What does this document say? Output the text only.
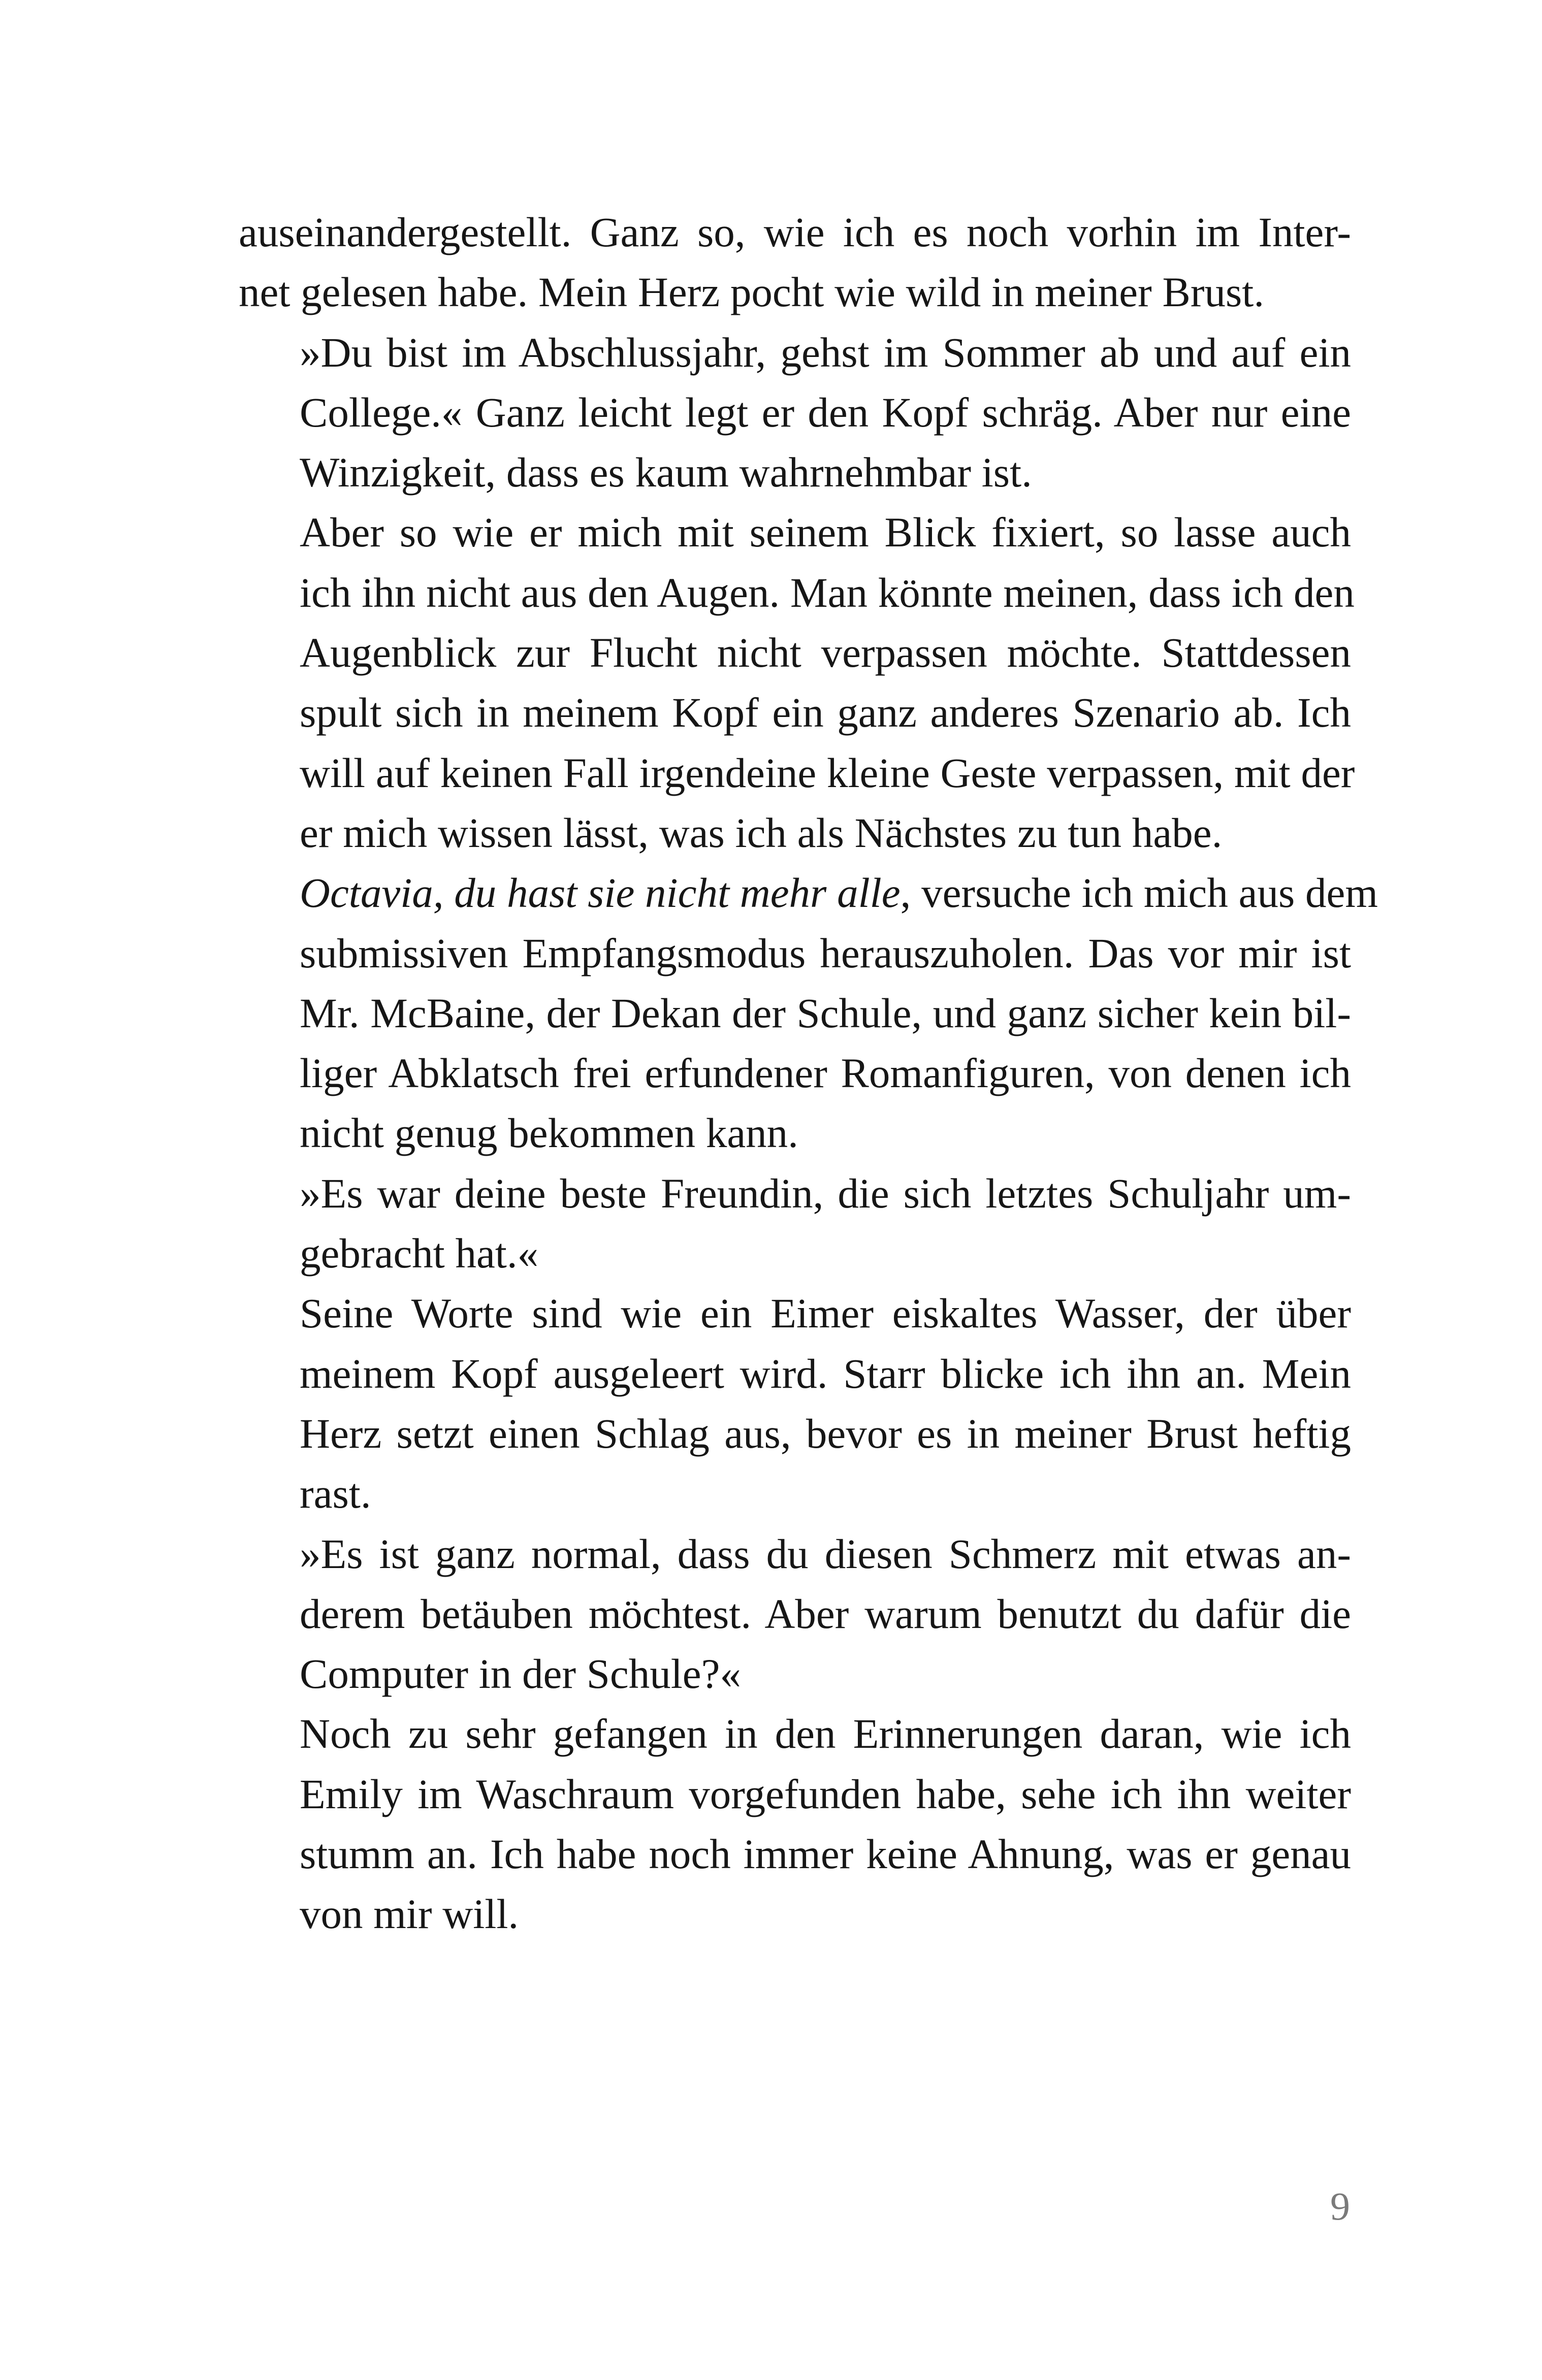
auseinandergestellt. Ganz so, wie ich es noch vorhin im Inter-
net gelesen habe. Mein Herz pocht wie wild in meiner Brust.

»Du bist im Abschlussjahr, gehst im Sommer ab und auf ein
College.« Ganz leicht legt er den Kopf schräg. Aber nur eine
Winzigkeit, dass es kaum wahrnehmbar ist.

Aber so wie er mich mit seinem Blick fixiert, so lasse auch
ich ihn nicht aus den Augen. Man könnte meinen, dass ich den
Augenblick zur Flucht nicht verpassen möchte. Stattdessen
spult sich in meinem Kopf ein ganz anderes Szenario ab. Ich
will auf keinen Fall irgendeine kleine Geste verpassen, mit der
er mich wissen lässt, was ich als Nächstes zu tun habe.

Octavia, du hast sie nicht mehr alle, versuche ich mich aus dem
submissiven Empfangsmodus herauszuholen. Das vor mir ist
Mr. McBaine, der Dekan der Schule, und ganz sicher kein bil-
liger Abklatsch frei erfundener Romanfiguren, von denen ich
nicht genug bekommen kann.

»Es war deine beste Freundin, die sich letztes Schuljahr um-
gebracht hat.«

Seine Worte sind wie ein Eimer eiskaltes Wasser, der über
meinem Kopf ausgeleert wird. Starr blicke ich ihn an. Mein
Herz setzt einen Schlag aus, bevor es in meiner Brust heftig
rast.

»Es ist ganz normal, dass du diesen Schmerz mit etwas an-
derem betäuben möchtest. Aber warum benutzt du dafür die
Computer in der Schule?«

Noch zu sehr gefangen in den Erinnerungen daran, wie ich
Emily im Waschraum vorgefunden habe, sehe ich ihn weiter
stumm an. Ich habe noch immer keine Ahnung, was er genau
von mir will.

9
